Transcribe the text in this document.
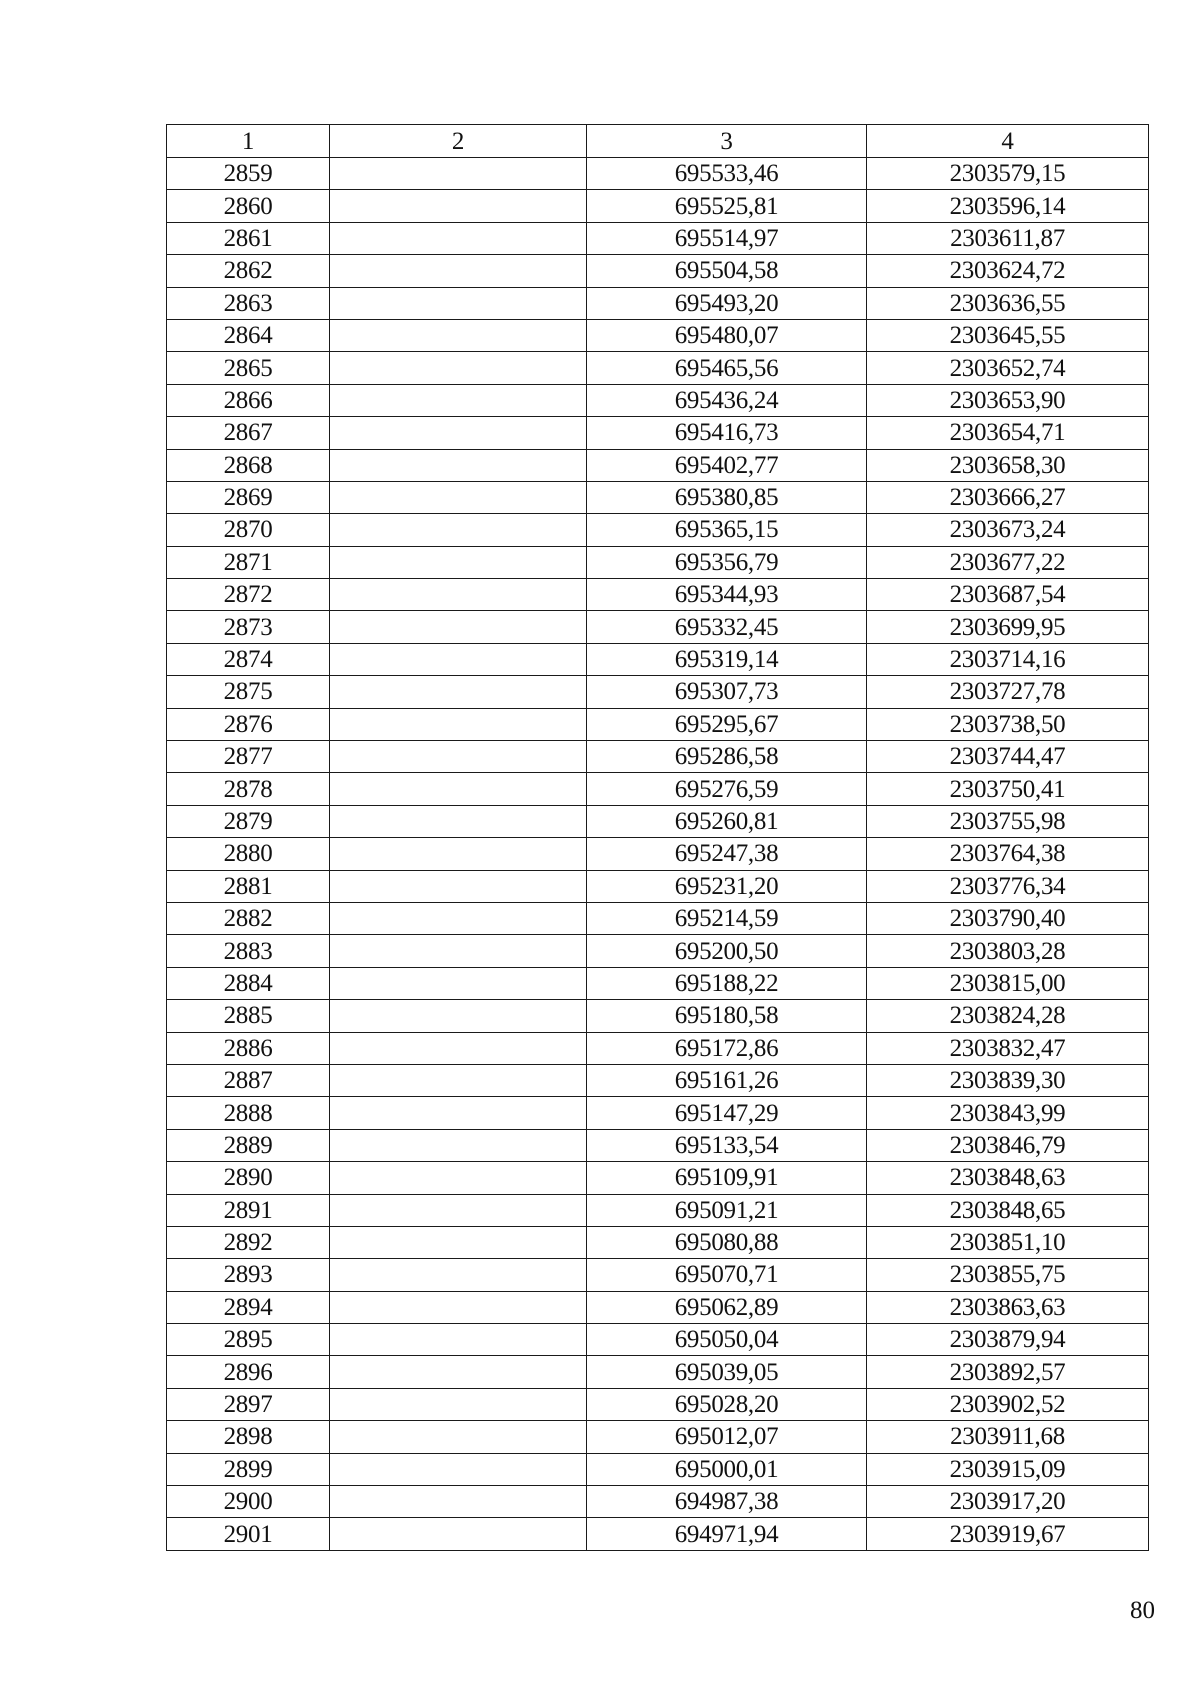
1	2	3	4
2859		695533,46	2303579,15
2860		695525,81	2303596,14
2861		695514,97	2303611,87
2862		695504,58	2303624,72
2863		695493,20	2303636,55
2864		695480,07	2303645,55
2865		695465,56	2303652,74
2866		695436,24	2303653,90
2867		695416,73	2303654,71
2868		695402,77	2303658,30
2869		695380,85	2303666,27
2870		695365,15	2303673,24
2871		695356,79	2303677,22
2872		695344,93	2303687,54
2873		695332,45	2303699,95
2874		695319,14	2303714,16
2875		695307,73	2303727,78
2876		695295,67	2303738,50
2877		695286,58	2303744,47
2878		695276,59	2303750,41
2879		695260,81	2303755,98
2880		695247,38	2303764,38
2881		695231,20	2303776,34
2882		695214,59	2303790,40
2883		695200,50	2303803,28
2884		695188,22	2303815,00
2885		695180,58	2303824,28
2886		695172,86	2303832,47
2887		695161,26	2303839,30
2888		695147,29	2303843,99
2889		695133,54	2303846,79
2890		695109,91	2303848,63
2891		695091,21	2303848,65
2892		695080,88	2303851,10
2893		695070,71	2303855,75
2894		695062,89	2303863,63
2895		695050,04	2303879,94
2896		695039,05	2303892,57
2897		695028,20	2303902,52
2898		695012,07	2303911,68
2899		695000,01	2303915,09
2900		694987,38	2303917,20
2901		694971,94	2303919,67
80
